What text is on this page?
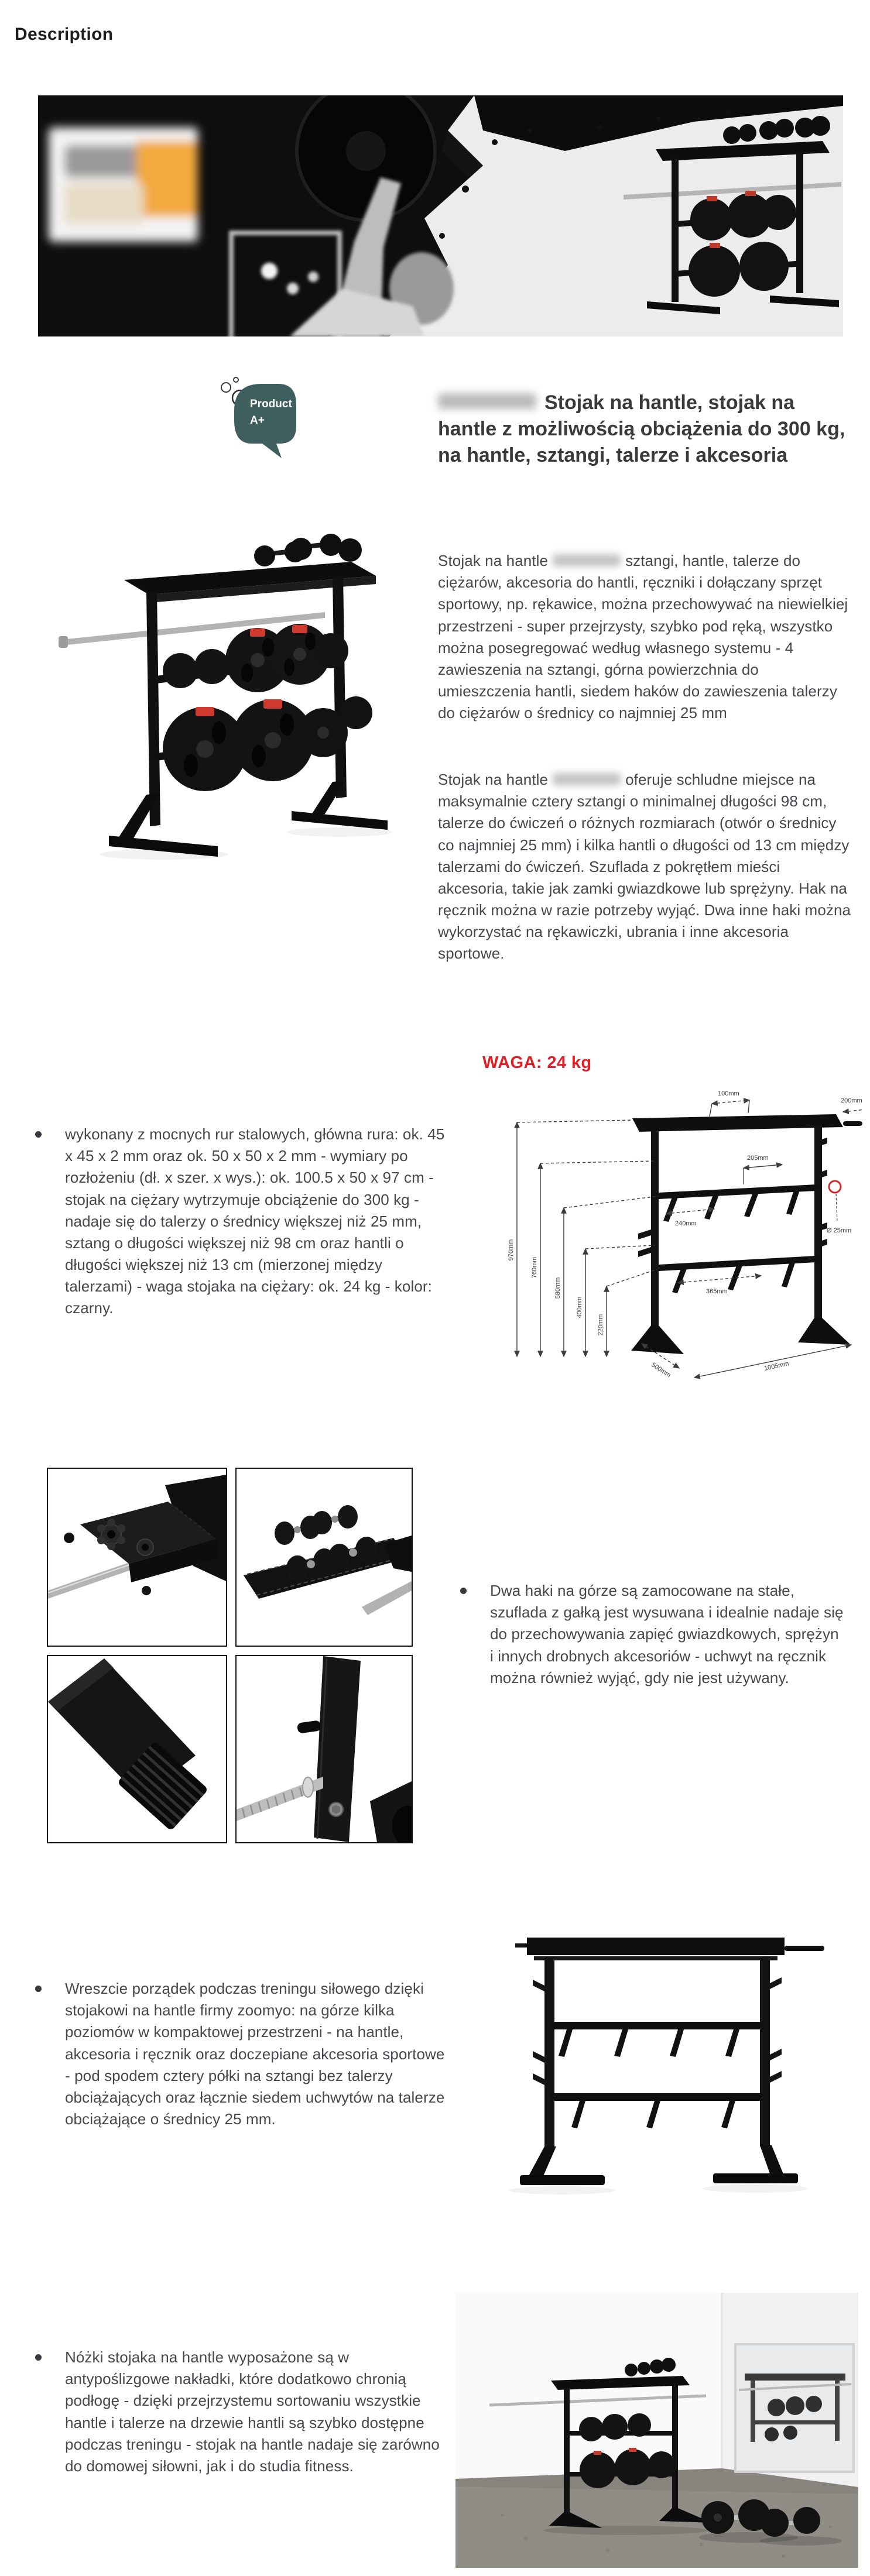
Description
Product
A+
Stojak na hantle, stojak na hantle z możliwością obciążenia do 300 kg, na hantle, sztangi, talerze i akcesoria
Stojak na hantle	sztangi, hantle, talerze do ciężarów, akcesoria do hantli, ręczniki i dołączany sprzęt sportowy, np. rękawice, można przechowywać na niewielkiej przestrzeni - super przejrzysty, szybko pod ręką, wszystko można posegregować według własnego systemu - 4 zawieszenia na sztangi, górna powierzchnia do umieszczenia hantli, siedem haków do zawieszenia talerzy do ciężarów o średnicy co najmniej 25 mm
Stojak na hantle	oferuje schludne miejsce na maksymalnie cztery sztangi o minimalnej długości 98 cm, talerze do ćwiczeń o różnych rozmiarach (otwór o średnicy co najmniej 25 mm) i kilka hantli o długości od 13 cm między talerzami do ćwiczeń. Szuflada z pokrętłem mieści akcesoria, takie jak zamki gwiazdkowe lub sprężyny. Hak na ręcznik można w razie potrzeby wyjąć. Dwa inne haki można wykorzystać na rękawiczki, ubrania i inne akcesoria sportowe.
WAGA: 24 kg
wykonany z mocnych rur stalowych, główna rura: ok. 45 x 45 x 2 mm oraz ok. 50 x 50 x 2 mm - wymiary po rozłożeniu (dł. x szer. x wys.): ok. 100.5 x 50 x 97 cm - stojak na ciężary wytrzymuje obciążenie do 300 kg - nadaje się do talerzy o średnicy większej niż 25 mm, sztang o długości większej niż 98 cm oraz hantli o długości większej niż 13 cm (mierzonej między talerzami) - waga stojaka na ciężary: ok. 24 kg - kolor: czarny.
970mm
760mm
580mm
400mm
220mm
100mm
200mm
205mm
240mm
Ø 25mm
365mm
500mm	1005mm
Dwa haki na górze są zamocowane na stałe, szuflada z gałką jest wysuwana i idealnie nadaje się do przechowywania zapięć gwiazdkowych, sprężyn i innych drobnych akcesoriów - uchwyt na ręcznik można również wyjąć, gdy nie jest używany.
Wreszcie porządek podczas treningu siłowego dzięki stojakowi na hantle firmy zoomyo: na górze kilka poziomów w kompaktowej przestrzeni - na hantle, akcesoria i ręcznik oraz doczepiane akcesoria sportowe - pod spodem cztery półki na sztangi bez talerzy obciążających oraz łącznie siedem uchwytów na talerze obciążające o średnicy 25 mm.
Nóżki stojaka na hantle wyposażone są w antypoślizgowe nakładki, które dodatkowo chronią podłogę - dzięki przejrzystemu sortowaniu wszystkie hantle i talerze na drzewie hantli są szybko dostępne podczas treningu - stojak na hantle nadaje się zarówno do domowej siłowni, jak i do studia fitness.
